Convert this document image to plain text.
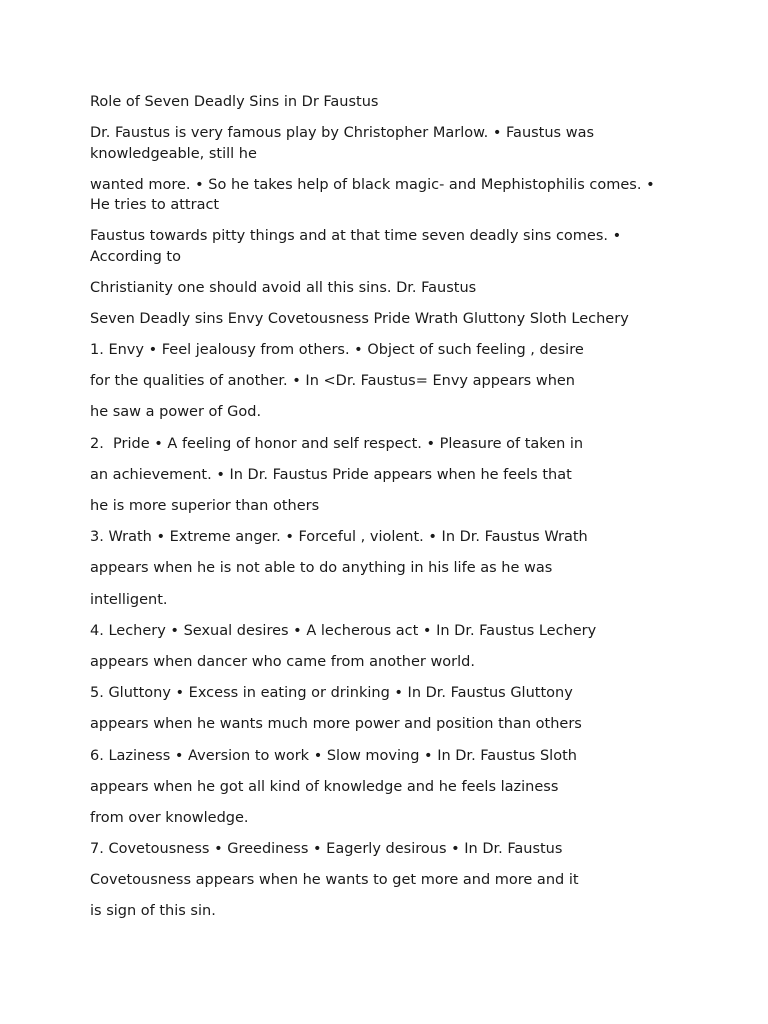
Role of Seven Deadly Sins in Dr Faustus

Dr. Faustus is very famous play by Christopher Marlow. • Faustus was
knowledgeable, still he

wanted more. • So he takes help of black magic- and Mephistophilis comes. •
He tries to attract

Faustus towards pitty things and at that time seven deadly sins comes. •
According to

Christianity one should avoid all this sins. Dr. Faustus

Seven Deadly sins Envy Covetousness Pride Wrath Gluttony Sloth Lechery

1. Envy • Feel jealousy from others. • Object of such feeling , desire

for the qualities of another. • In <Dr. Faustus= Envy appears when

he saw a power of God.

2.  Pride • A feeling of honor and self respect. • Pleasure of taken in

an achievement. • In Dr. Faustus Pride appears when he feels that

he is more superior than others

3. Wrath • Extreme anger. • Forceful , violent. • In Dr. Faustus Wrath

appears when he is not able to do anything in his life as he was

intelligent.

4. Lechery • Sexual desires • A lecherous act • In Dr. Faustus Lechery

appears when dancer who came from another world.

5. Gluttony • Excess in eating or drinking • In Dr. Faustus Gluttony

appears when he wants much more power and position than others

6. Laziness • Aversion to work • Slow moving • In Dr. Faustus Sloth

appears when he got all kind of knowledge and he feels laziness

from over knowledge.

7. Covetousness • Greediness • Eagerly desirous • In Dr. Faustus

Covetousness appears when he wants to get more and more and it

is sign of this sin.
